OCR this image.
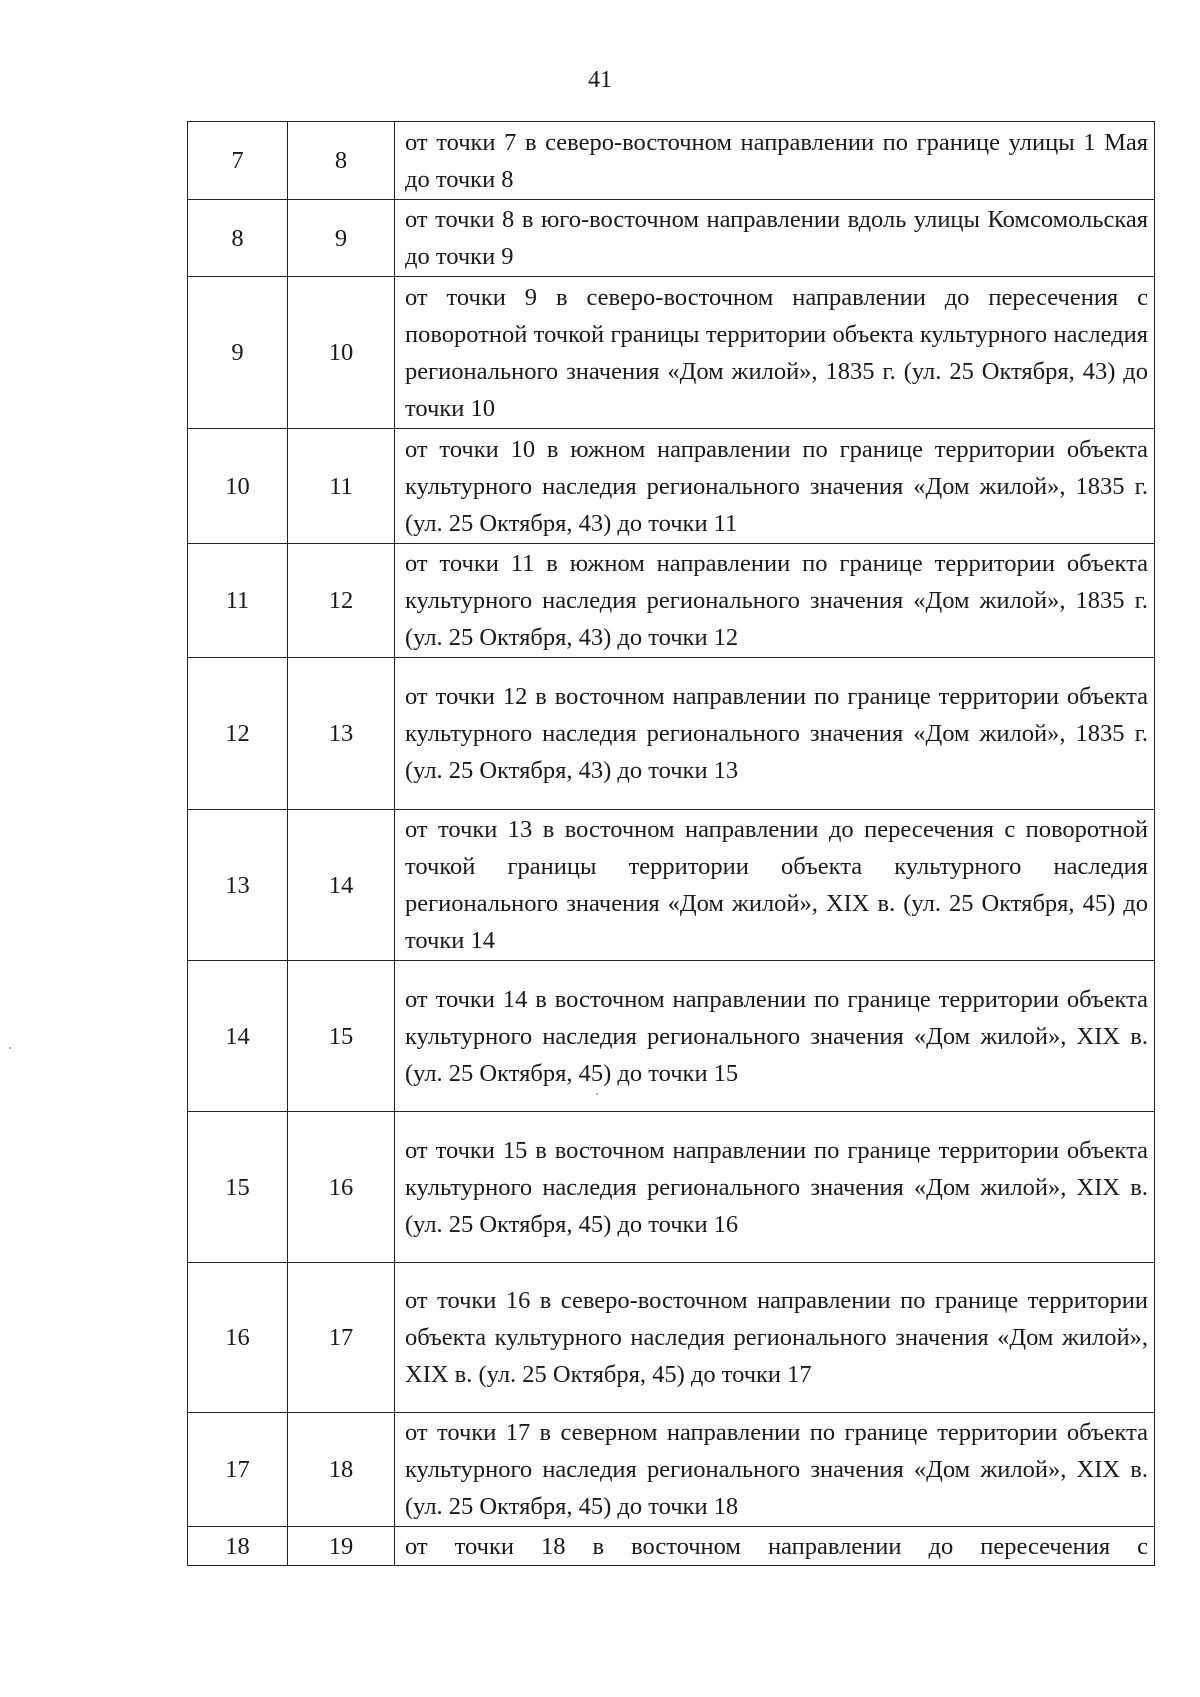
41
7	8	от точки 7 в северо-восточном направлении по границе улицы 1 Мая до точки 8
8	9	от точки 8 в юго-восточном направлении вдоль улицы Комсомольская до точки 9
9	10	от точки 9 в северо-восточном направлении до пересечения с поворотной точкой границы территории объекта культурного наследия регионального значения «Дом жилой», 1835 г. (ул. 25 Октября, 43) до точки 10
10	11	от точки 10 в южном направлении по границе территории объекта культурного наследия регионального значения «Дом жилой», 1835 г. (ул. 25 Октября, 43) до точки 11
11	12	от точки 11 в южном направлении по границе территории объекта культурного наследия регионального значения «Дом жилой», 1835 г. (ул. 25 Октября, 43) до точки 12
12	13	от точки 12 в восточном направлении по границе территории объекта культурного наследия регионального значения «Дом жилой», 1835 г. (ул. 25 Октября, 43) до точки 13
13	14	от точки 13 в восточном направлении до пересечения с поворотной точкой границы территории объекта культурного наследия регионального значения «Дом жилой», XIX в. (ул. 25 Октября, 45) до точки 14
14	15	от точки 14 в восточном направлении по границе территории объекта культурного наследия регионального значения «Дом жилой», XIX в. (ул. 25 Октября, 45) до точки 15
15	16	от точки 15 в восточном направлении по границе территории объекта культурного наследия регионального значения «Дом жилой», XIX в. (ул. 25 Октября, 45) до точки 16
16	17	от точки 16 в северо-восточном направлении по границе территории объекта культурного наследия регионального значения «Дом жилой», XIX в. (ул. 25 Октября, 45) до точки 17
17	18	от точки 17 в северном направлении по границе территории объекта культурного наследия регионального значения «Дом жилой», XIX в. (ул. 25 Октября, 45) до точки 18
18	19	от точки 18 в восточном направлении до пересечения с
